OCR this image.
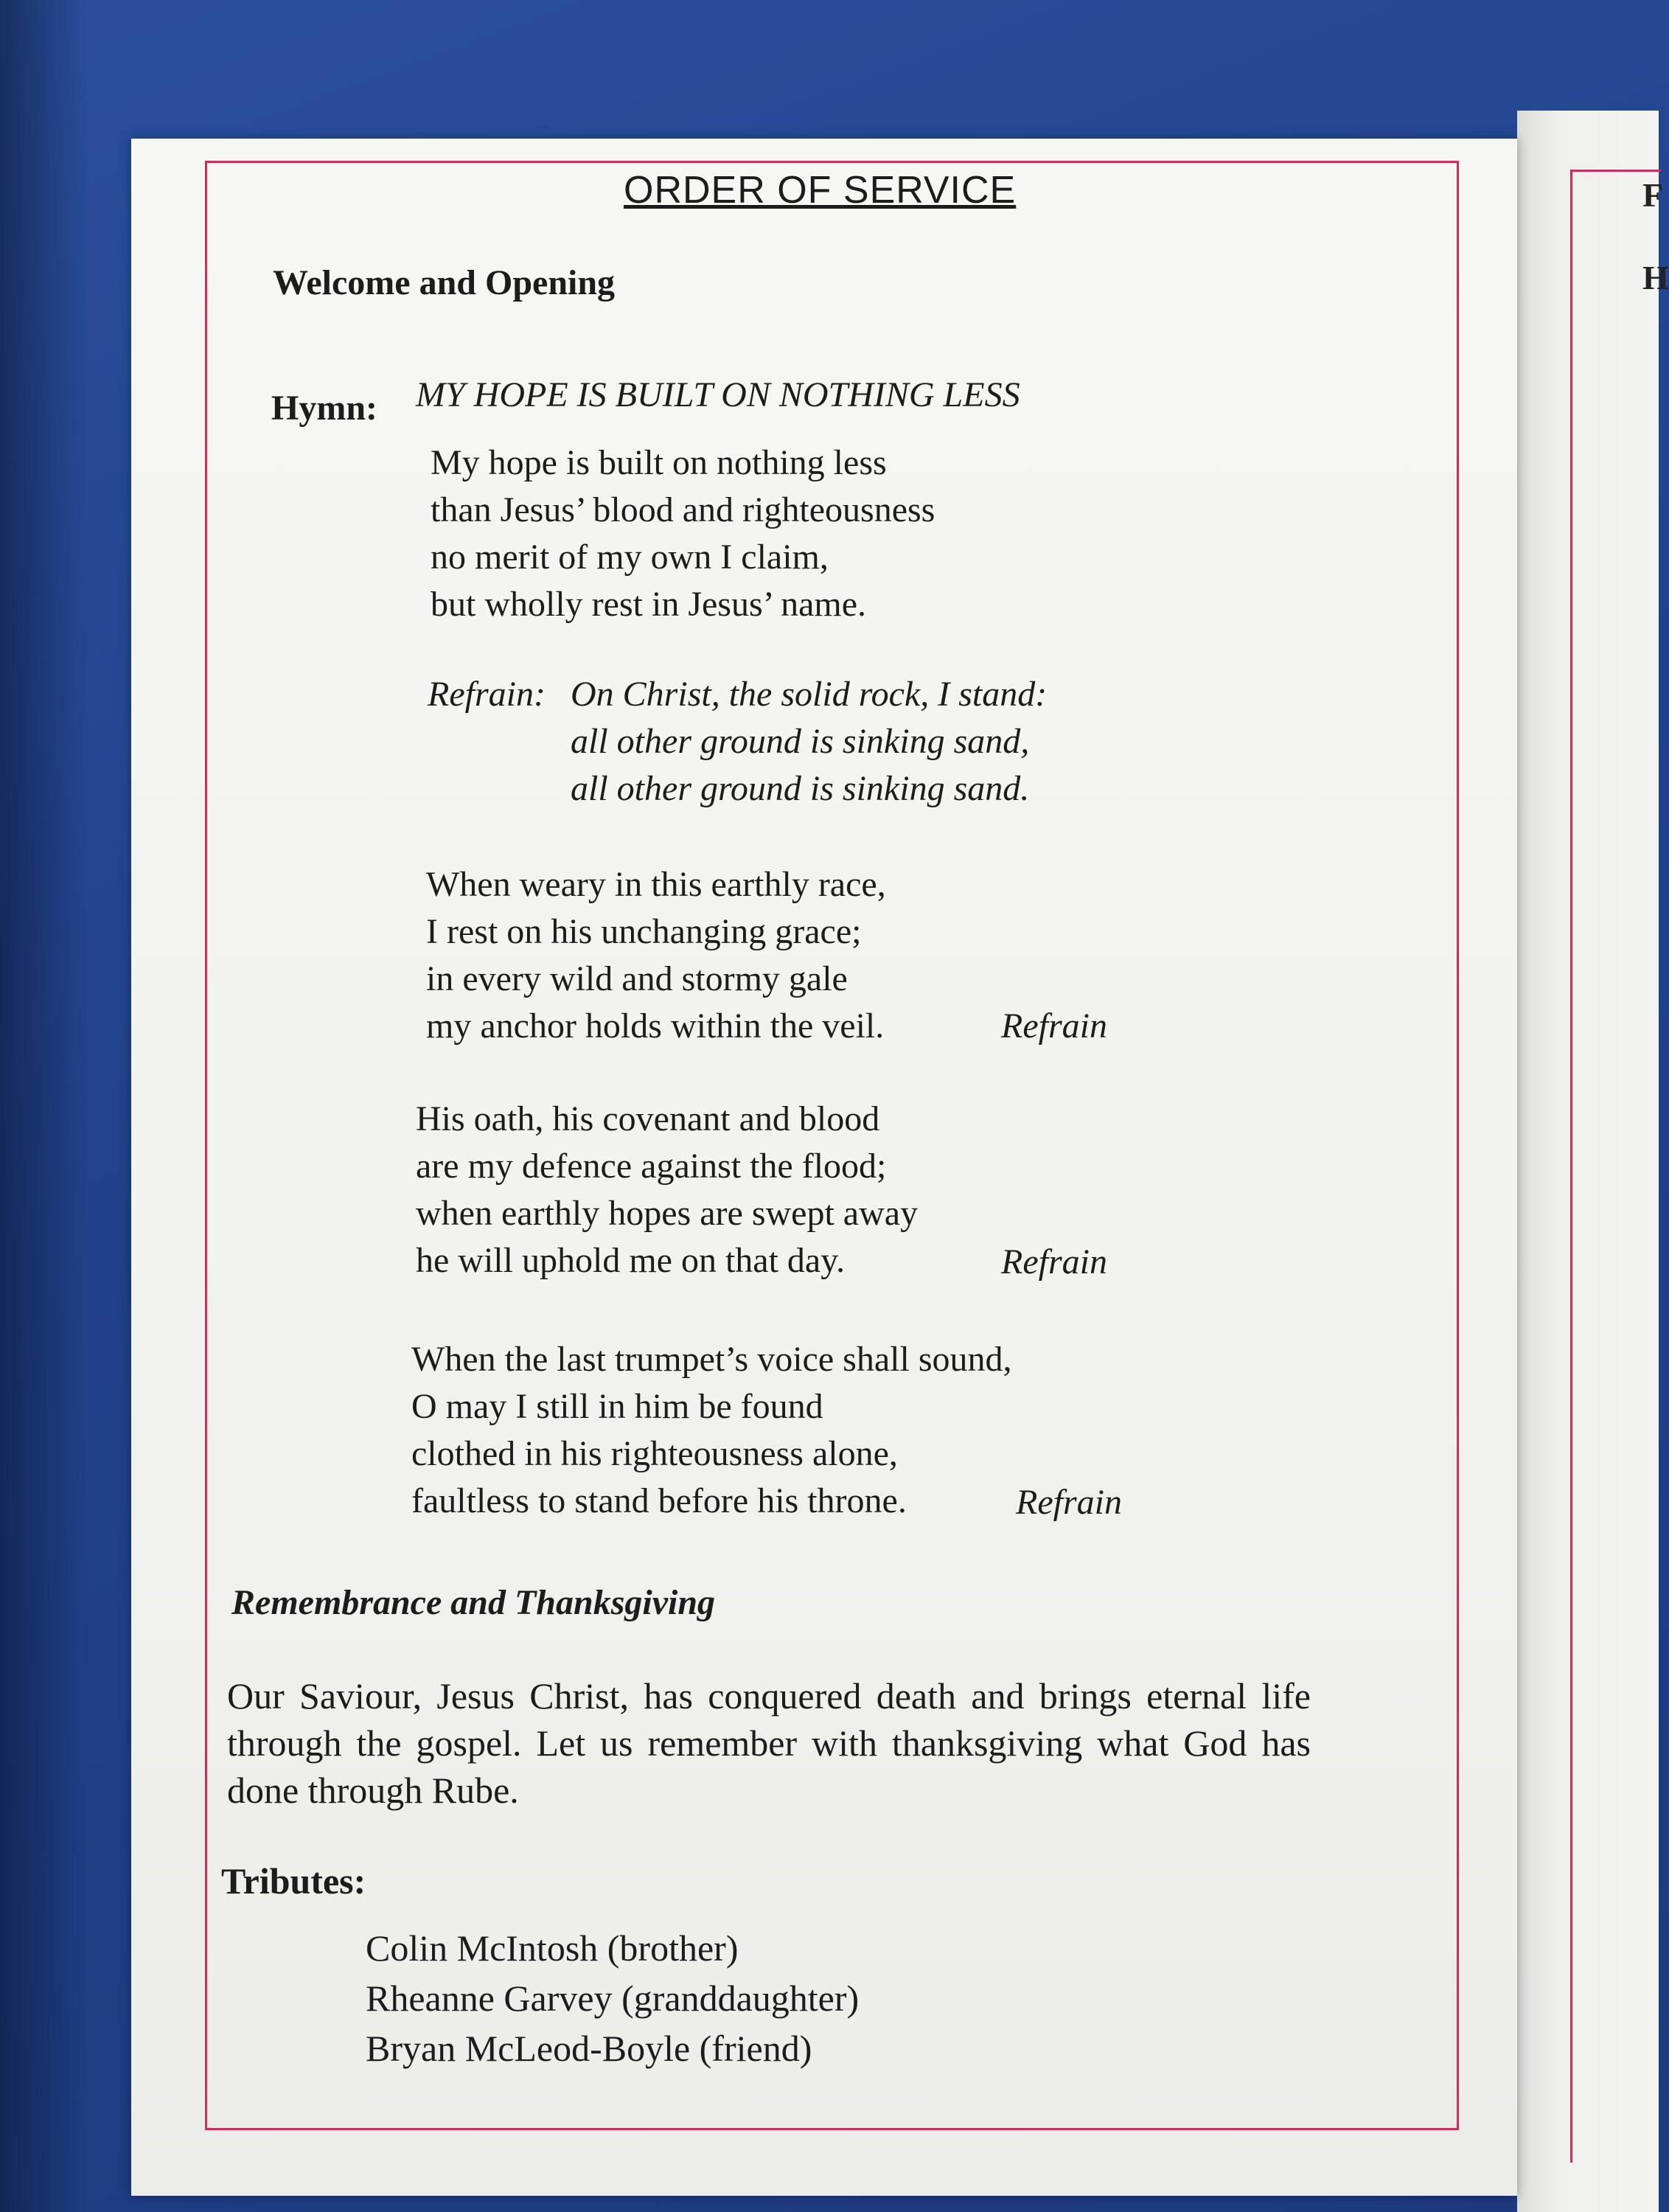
F
H
ORDER OF SERVICE
Welcome and Opening
Hymn: MY HOPE IS BUILT ON NOTHING LESS
My hope is built on nothing less
than Jesus’ blood and righteousness
no merit of my own I claim,
but wholly rest in Jesus’ name.
Refrain: On Christ, the solid rock, I stand:
all other ground is sinking sand,
all other ground is sinking sand.
When weary in this earthly race,
I rest on his unchanging grace;
in every wild and stormy gale
my anchor holds within the veil.	Refrain
His oath, his covenant and blood
are my defence against the flood;
when earthly hopes are swept away
he will uphold me on that day.	Refrain
When the last trumpet’s voice shall sound,
O may I still in him be found
clothed in his righteousness alone,
faultless to stand before his throne.	Refrain
Remembrance and Thanksgiving
Our Saviour, Jesus Christ, has conquered death and brings eternal life through the gospel. Let us remember with thanksgiving what God has done through Rube.
Tributes:
Colin McIntosh (brother)
Rheanne Garvey (granddaughter)
Bryan McLeod-Boyle (friend)
